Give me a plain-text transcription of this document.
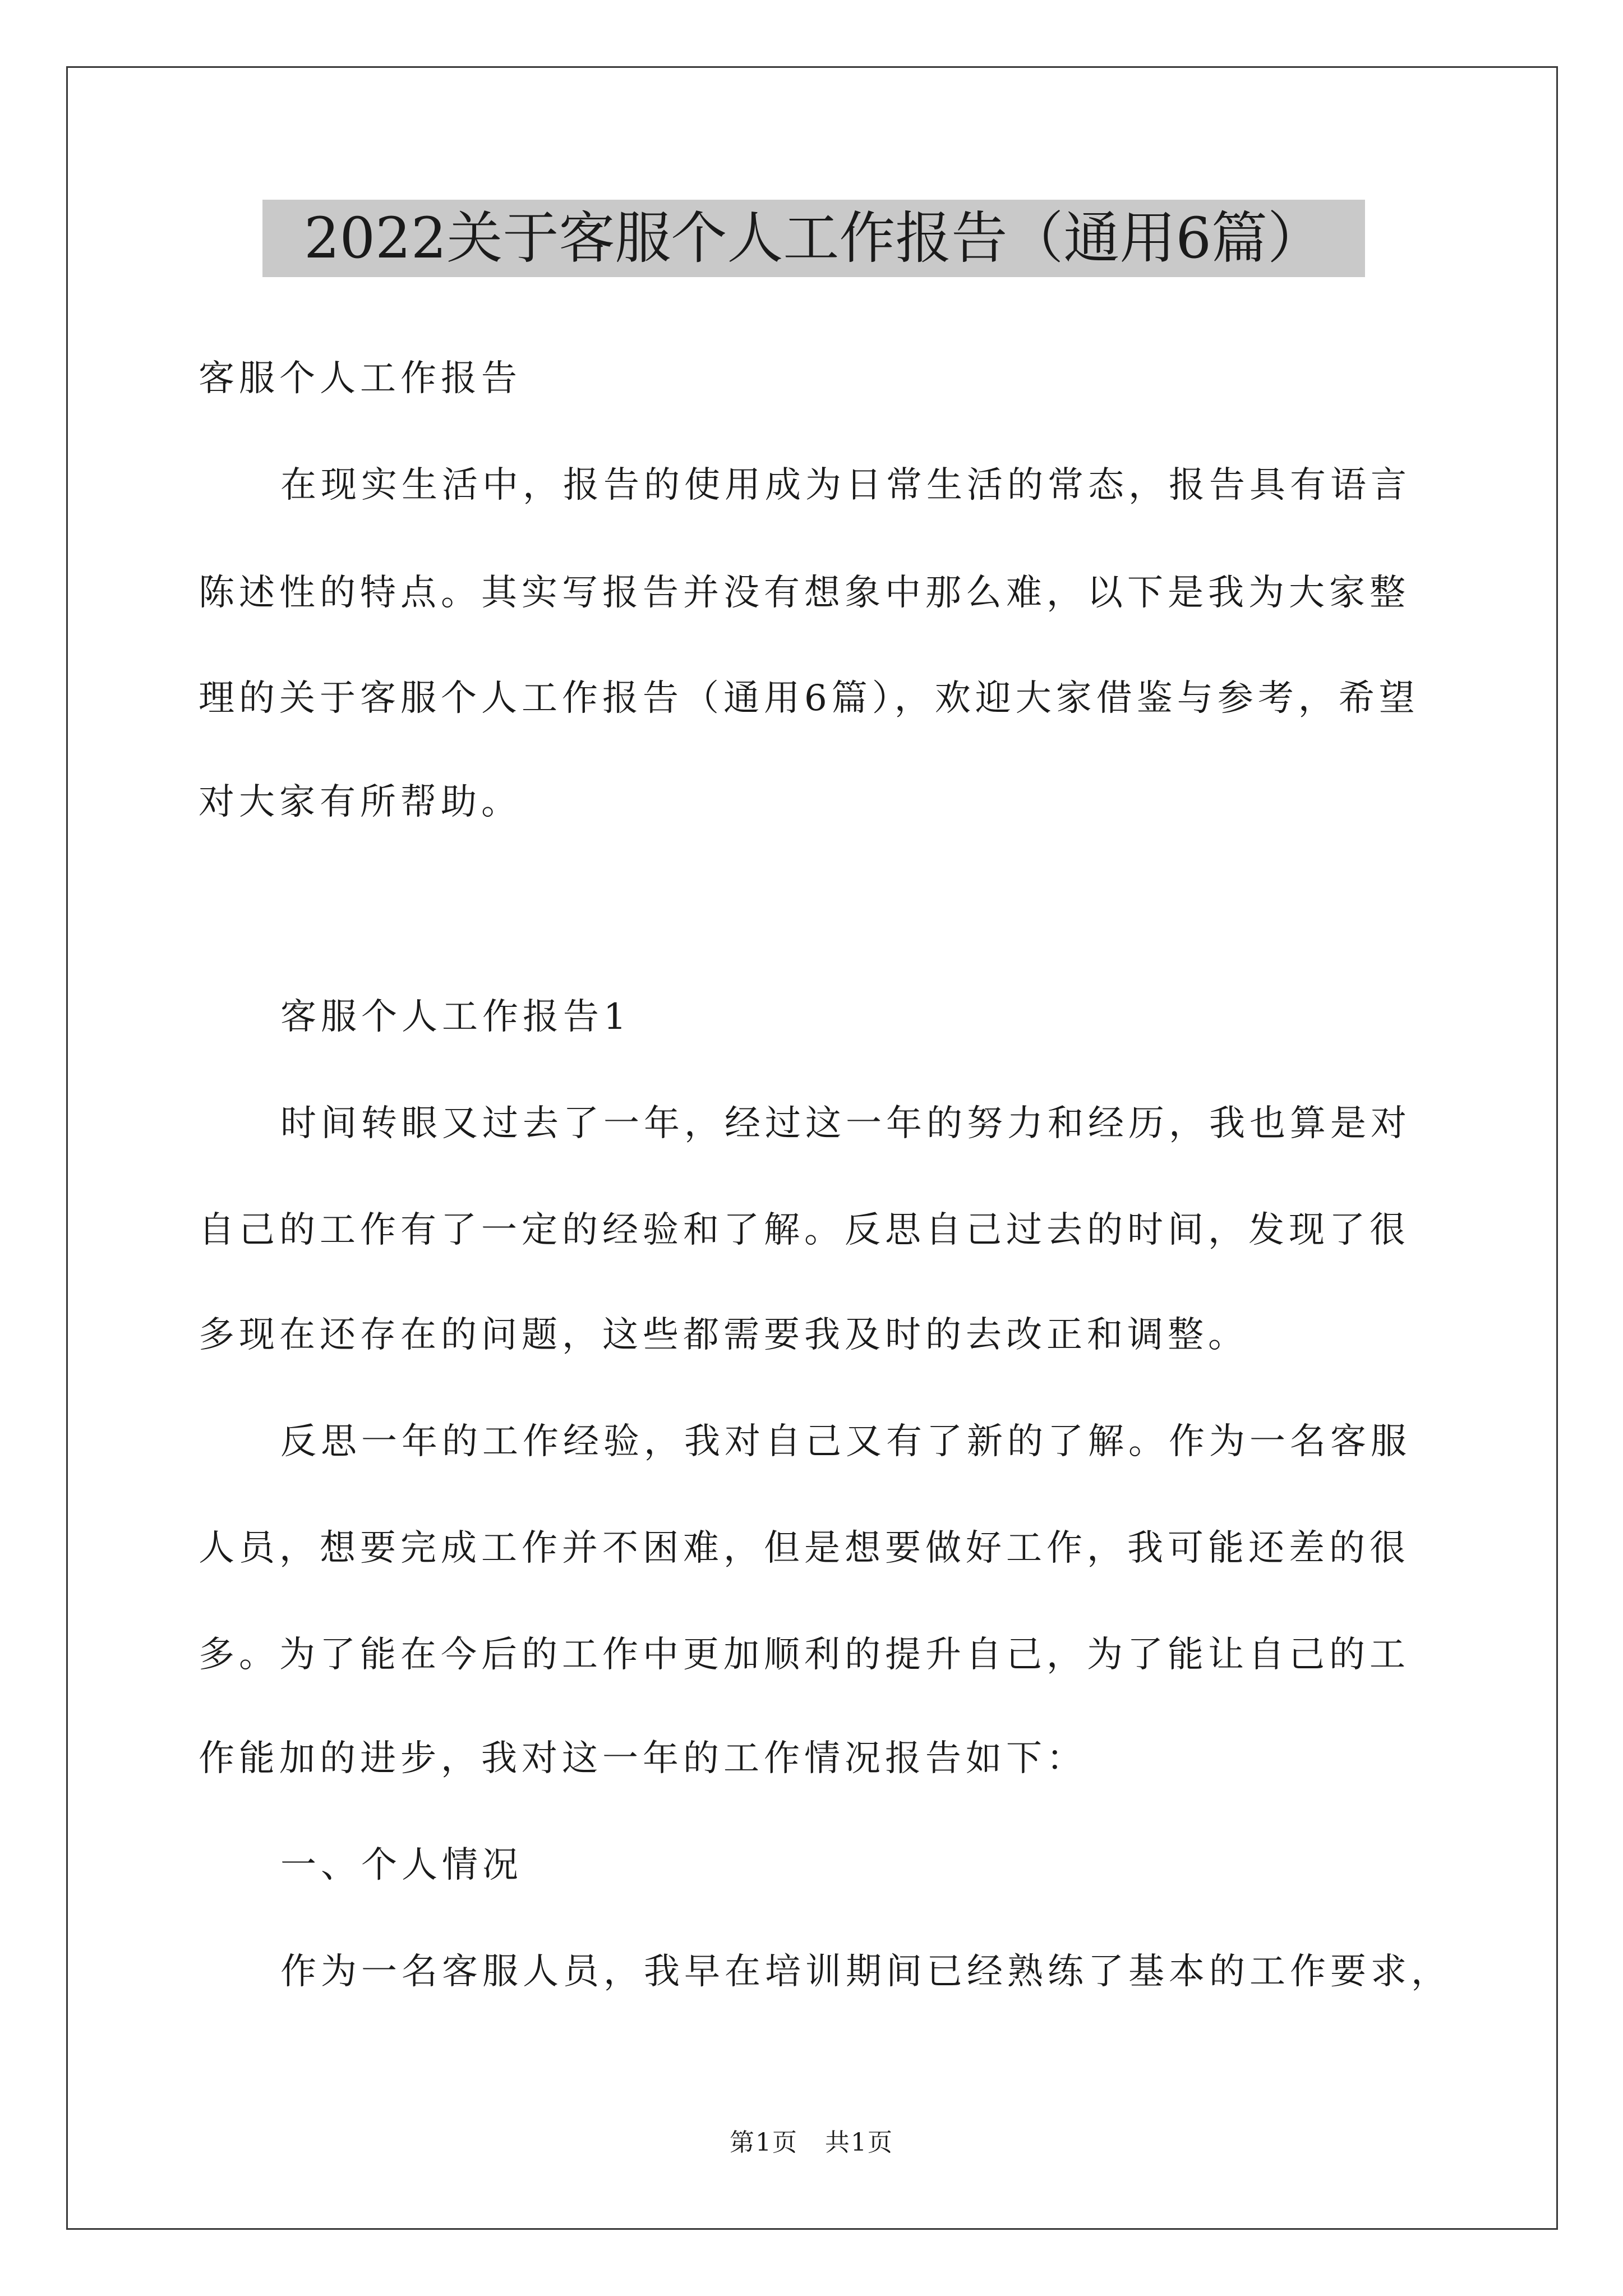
2022关于客服个人工作报告（通用6篇）

客服个人工作报告

在现实生活中，报告的使用成为日常生活的常态，报告具有语言

陈述性的特点。其实写报告并没有想象中那么难，以下是我为大家整

理的关于客服个人工作报告（通用6篇），欢迎大家借鉴与参考，希望

对大家有所帮助。

客服个人工作报告1

时间转眼又过去了一年，经过这一年的努力和经历，我也算是对

自己的工作有了一定的经验和了解。反思自己过去的时间，发现了很

多现在还存在的问题，这些都需要我及时的去改正和调整。

反思一年的工作经验，我对自己又有了新的了解。作为一名客服

人员，想要完成工作并不困难，但是想要做好工作，我可能还差的很

多。为了能在今后的工作中更加顺利的提升自己，为了能让自己的工

作能加的进步，我对这一年的工作情况报告如下：

一、个人情况

作为一名客服人员，我早在培训期间已经熟练了基本的工作要求，

第1页   共1页
